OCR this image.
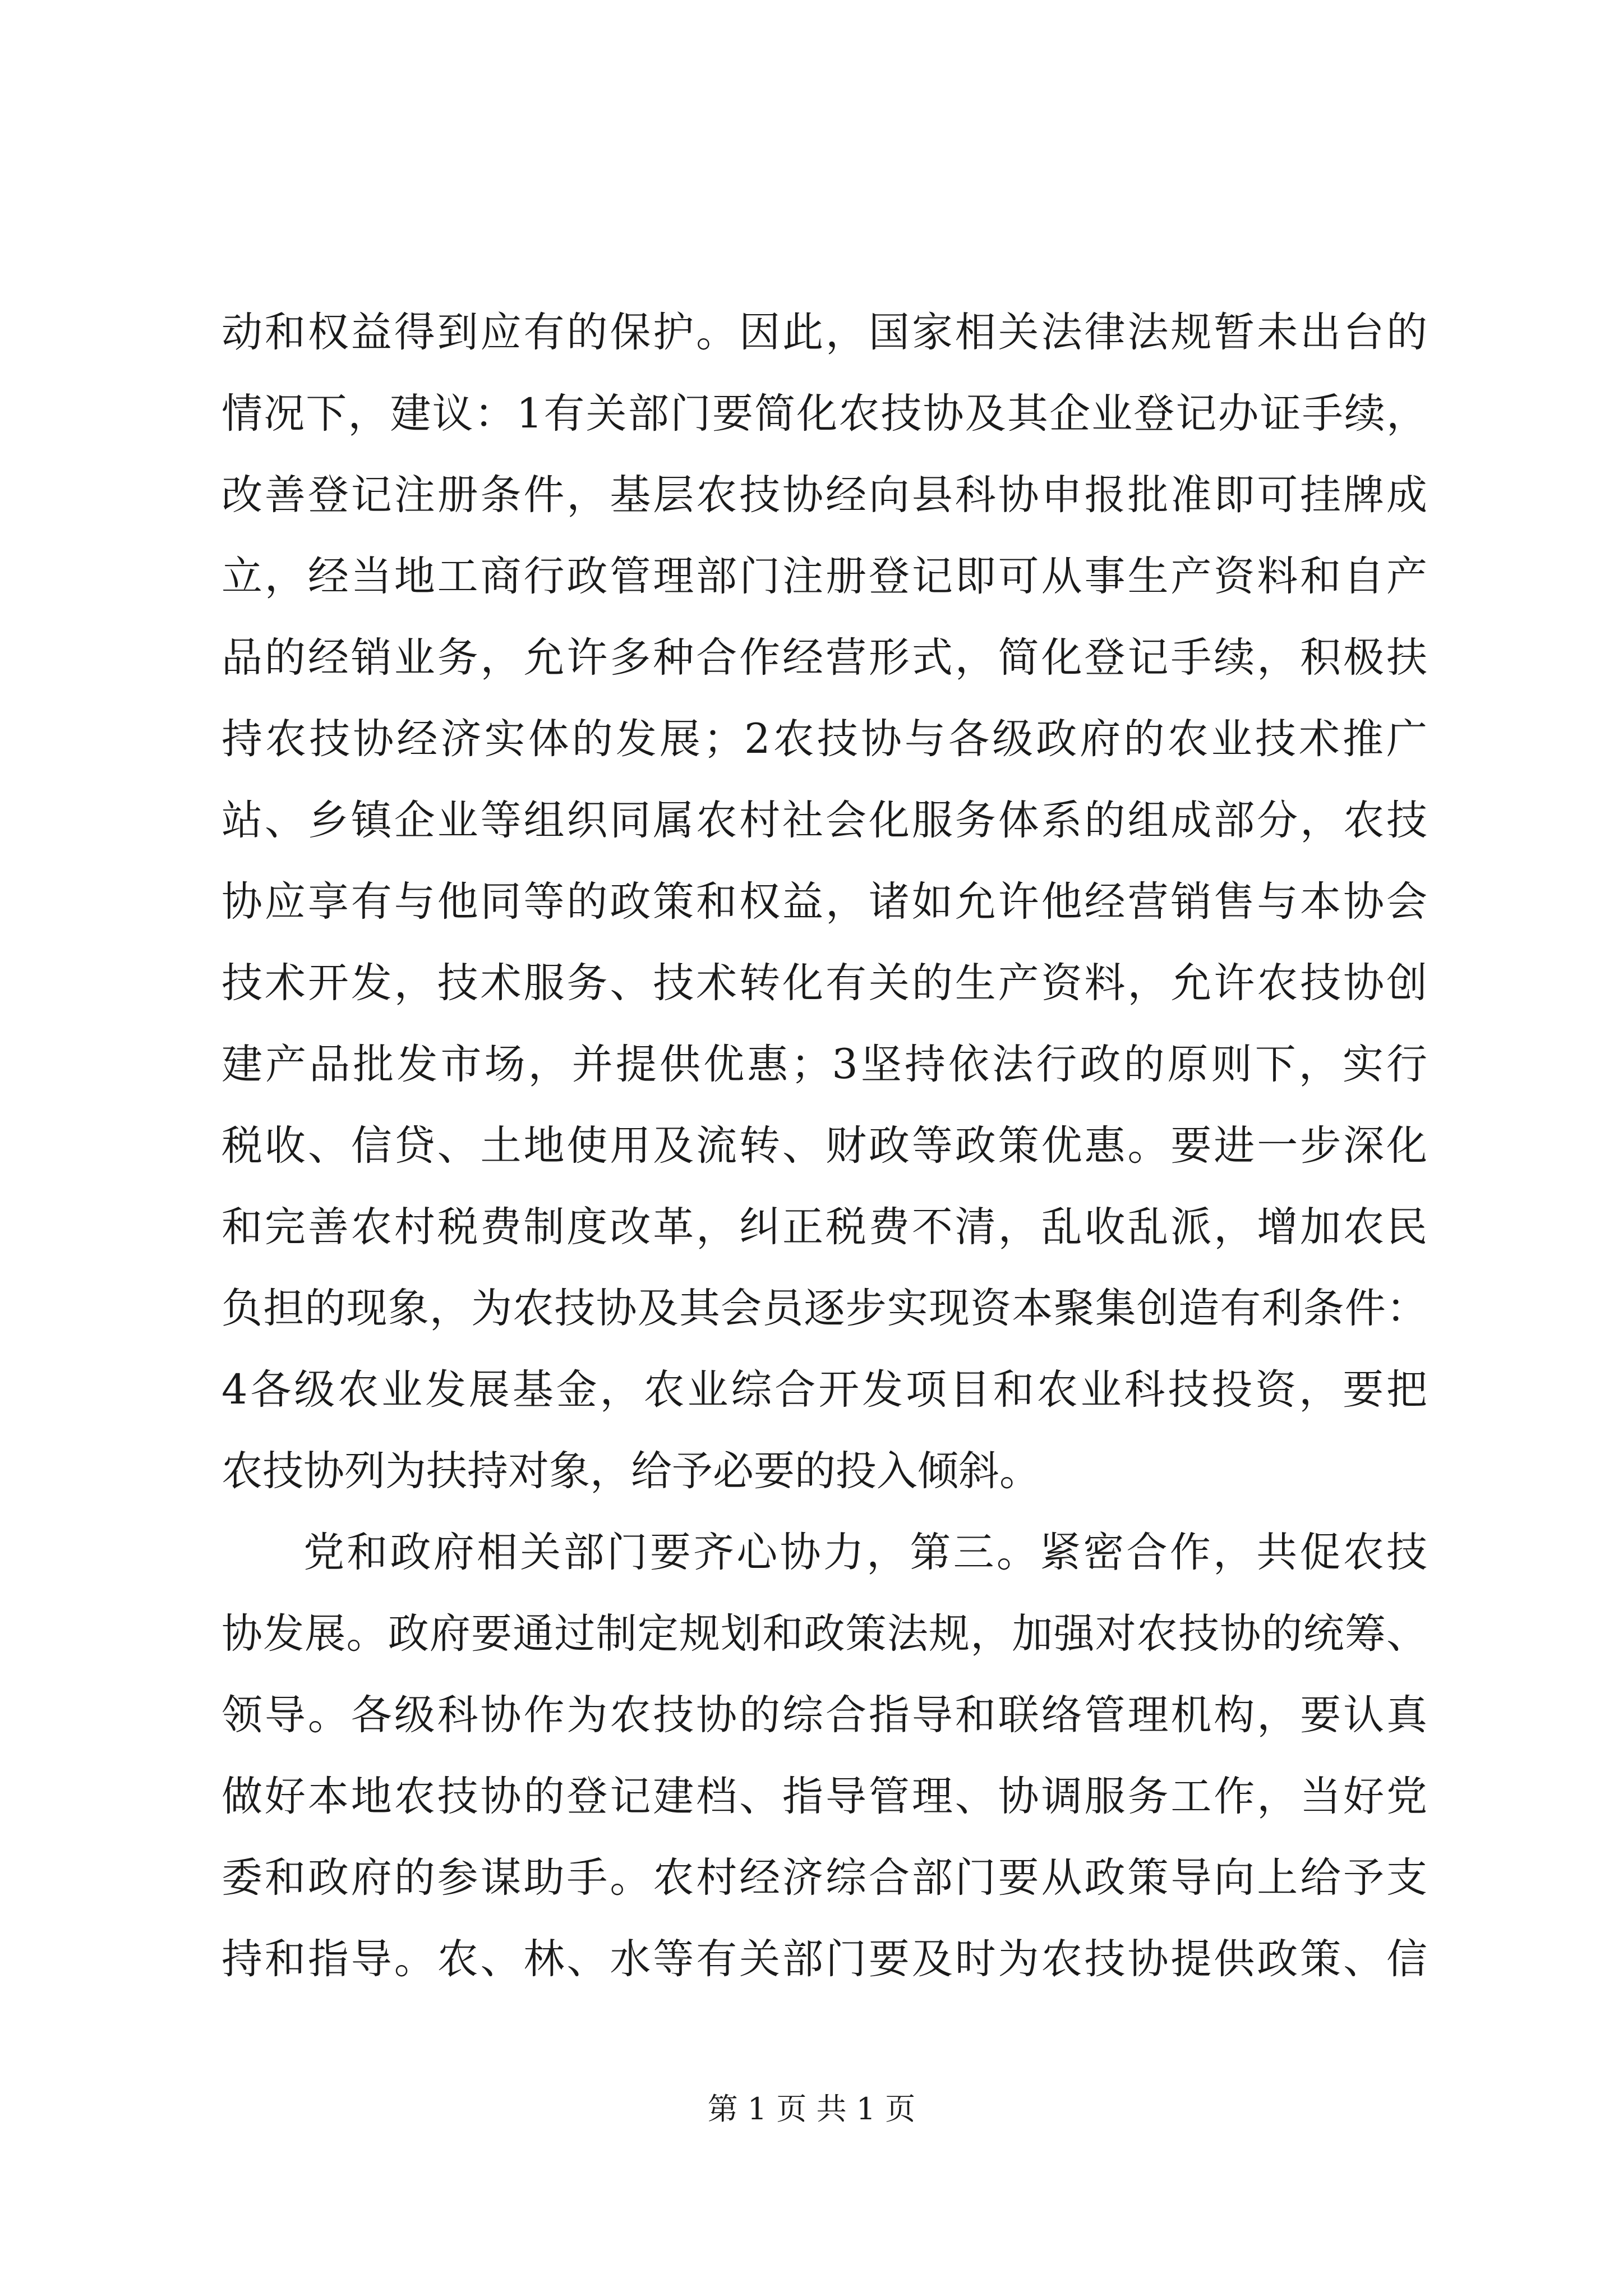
动和权益得到应有的保护。因此，国家相关法律法规暂未出台的
情况下，建议：1有关部门要简化农技协及其企业登记办证手续，
改善登记注册条件，基层农技协经向县科协申报批准即可挂牌成
立，经当地工商行政管理部门注册登记即可从事生产资料和自产
品的经销业务，允许多种合作经营形式，简化登记手续，积极扶
持农技协经济实体的发展；2农技协与各级政府的农业技术推广
站、乡镇企业等组织同属农村社会化服务体系的组成部分，农技
协应享有与他同等的政策和权益，诸如允许他经营销售与本协会
技术开发，技术服务、技术转化有关的生产资料，允许农技协创
建产品批发市场，并提供优惠；3坚持依法行政的原则下，实行
税收、信贷、土地使用及流转、财政等政策优惠。要进一步深化
和完善农村税费制度改革，纠正税费不清，乱收乱派，增加农民
负担的现象，为农技协及其会员逐步实现资本聚集创造有利条件：
4各级农业发展基金，农业综合开发项目和农业科技投资，要把
农技协列为扶持对象，给予必要的投入倾斜。
党和政府相关部门要齐心协力，第三。紧密合作，共促农技
协发展。政府要通过制定规划和政策法规，加强对农技协的统筹、
领导。各级科协作为农技协的综合指导和联络管理机构，要认真
做好本地农技协的登记建档、指导管理、协调服务工作，当好党
委和政府的参谋助手。农村经济综合部门要从政策导向上给予支
持和指导。农、林、水等有关部门要及时为农技协提供政策、信
第 1 页 共 1 页
